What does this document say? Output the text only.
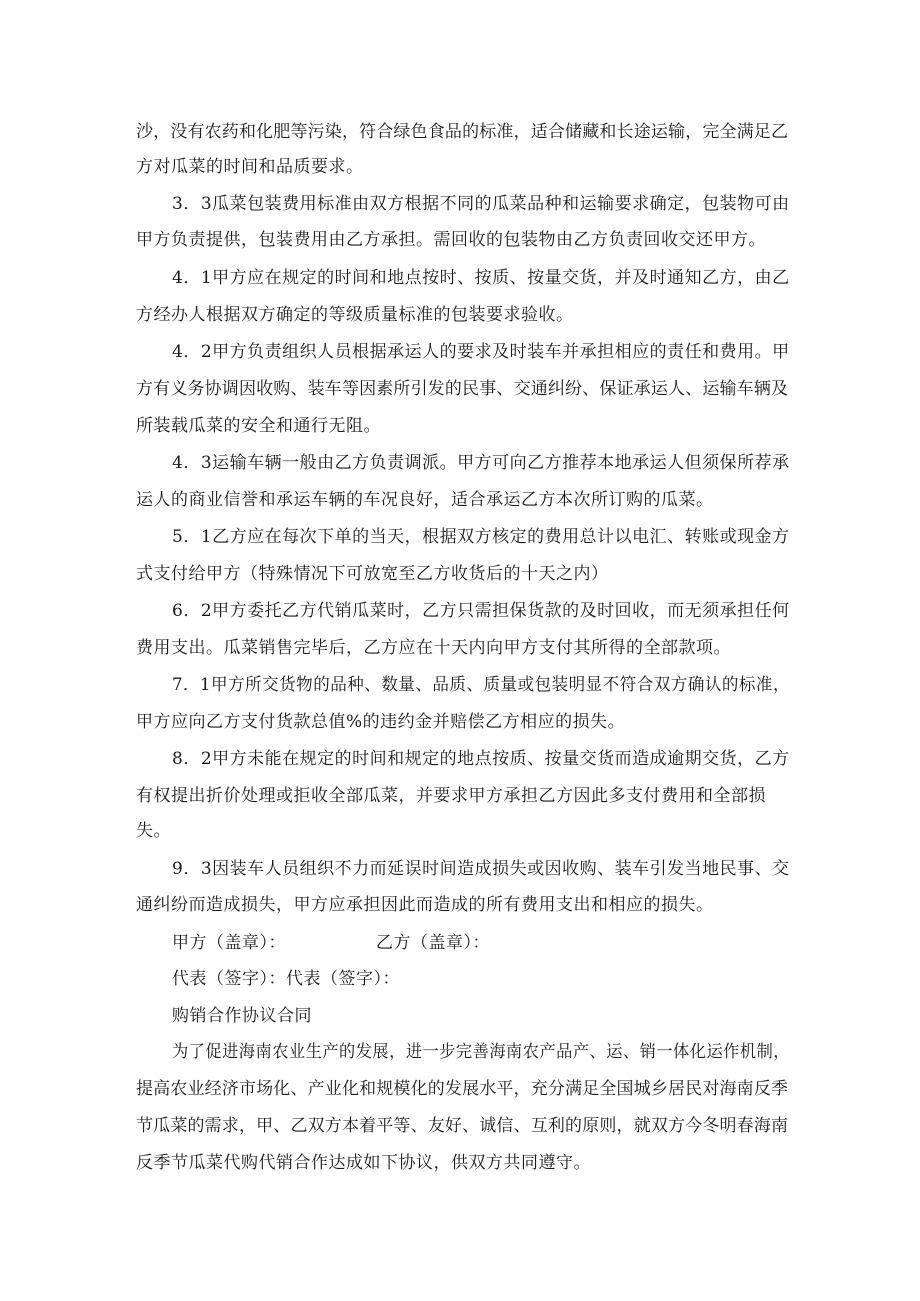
沙，没有农药和化肥等污染，符合绿色食品的标准，适合储藏和长途运输，完全满足乙
方对瓜菜的时间和品质要求。
3．3瓜菜包装费用标准由双方根据不同的瓜菜品种和运输要求确定，包装物可由
甲方负责提供，包装费用由乙方承担。需回收的包装物由乙方负责回收交还甲方。
4．1甲方应在规定的时间和地点按时、按质、按量交货，并及时通知乙方，由乙
方经办人根据双方确定的等级质量标准的包装要求验收。
4．2甲方负责组织人员根据承运人的要求及时装车并承担相应的责任和费用。甲
方有义务协调因收购、装车等因素所引发的民事、交通纠纷、保证承运人、运输车辆及
所装载瓜菜的安全和通行无阻。
4．3运输车辆一般由乙方负责调派。甲方可向乙方推荐本地承运人但须保所荐承
运人的商业信誉和承运车辆的车况良好，适合承运乙方本次所订购的瓜菜。
5．1乙方应在每次下单的当天，根据双方核定的费用总计以电汇、转账或现金方
式支付给甲方（特殊情况下可放宽至乙方收货后的十天之内）
6．2甲方委托乙方代销瓜菜时，乙方只需担保货款的及时回收，而无须承担任何
费用支出。瓜菜销售完毕后，乙方应在十天内向甲方支付其所得的全部款项。
7．1甲方所交货物的品种、数量、品质、质量或包装明显不符合双方确认的标准，
甲方应向乙方支付货款总值%的违约金并赔偿乙方相应的损失。
8．2甲方未能在规定的时间和规定的地点按质、按量交货而造成逾期交货，乙方
有权提出折价处理或拒收全部瓜菜，并要求甲方承担乙方因此多支付费用和全部损
失。
9．3因装车人员组织不力而延误时间造成损失或因收购、装车引发当地民事、交
通纠纷而造成损失，甲方应承担因此而造成的所有费用支出和相应的损失。
甲方（盖章）：	乙方（盖章）：
代表（签字）：代表（签字）：
购销合作协议合同
为了促进海南农业生产的发展，进一步完善海南农产品产、运、销一体化运作机制，
提高农业经济市场化、产业化和规模化的发展水平，充分满足全国城乡居民对海南反季
节瓜菜的需求，甲、乙双方本着平等、友好、诚信、互利的原则，就双方今冬明春海南
反季节瓜菜代购代销合作达成如下协议，供双方共同遵守。
